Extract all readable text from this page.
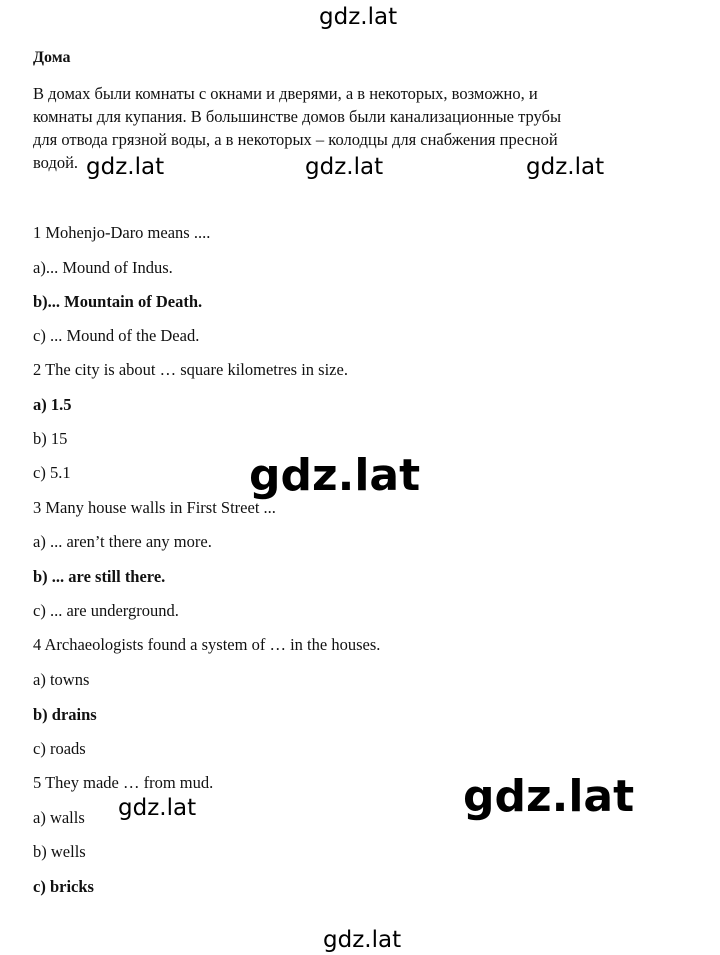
gdz.lat
gdz.lat	gdz.lat	gdz.lat
gdz.lat
gdz.lat
gdz.lat
gdz.lat
Дома
В домах были комнаты с окнами и дверями, а в некоторых, возможно, и
комнаты для купания. В большинстве домов были канализационные трубы
для отвода грязной воды, а в некоторых – колодцы для снабжения пресной
водой.
1 Mohenjo-Daro means ....
a)... Mound of Indus.
b)... Mountain of Death.
c) ... Mound of the Dead.
2 The city is about … square kilometres in size.
a) 1.5
b) 15
c) 5.1
3 Many house walls in First Street ...
a) ... aren’t there any more.
b) ... are still there.
c) ... are underground.
4 Archaeologists found a system of … in the houses.
a) towns
b) drains
c) roads
5 They made … from mud.
a) walls
b) wells
c) bricks
